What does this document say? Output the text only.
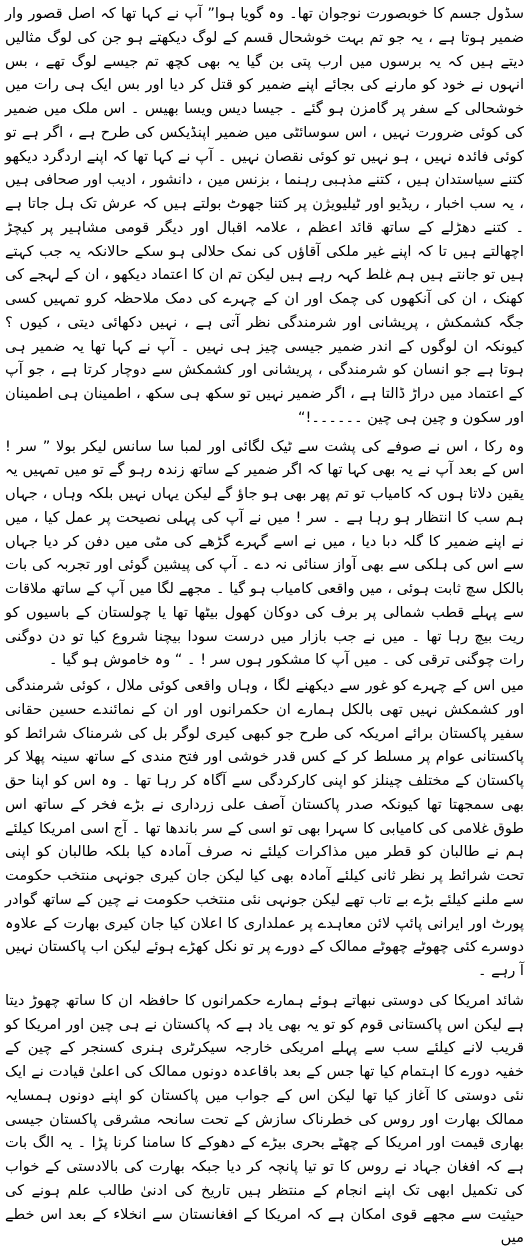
سڈول جسم کا خوبصورت نوجوان تھا۔ وہ گویا ہوا” آپ نے کہا تھا کہ اصل قصور وار ضمیر ہوتا ہے ، یہ جو تم بہت خوشحال قسم کے لوگ دیکھتے ہو جن کی لوگ مثالیں دیتے ہیں کہ یہ برسوں میں ارب پتی بن گیا یہ بھی کچھ تم جیسے لوگ تھے ، بس انہوں نے خود کو مارنے کی بجائے اپنے ضمیر کو قتل کر دیا اور بس ایک ہی رات میں خوشحالی کے سفر پر گامزن ہو گئے ۔ جیسا دیس ویسا بھیس ۔ اس ملک میں ضمیر کی کوئی ضرورت نہیں ، اس سوسائٹی میں ضمیر اپنڈیکس کی طرح ہے ، اگر ہے تو کوئی فائدہ نہیں ، ہو نہیں تو کوئی نقصان نہیں ۔ آپ نے کہا تھا کہ اپنے اردگرد دیکھو کتنے سیاستدان ہیں ، کتنے مذہبی رہنما ، بزنس مین ، دانشور ، ادیب اور صحافی ہیں ، یہ سب اخبار ، ریڈیو اور ٹیلیویژن پر کتنا جھوٹ بولتے ہیں کہ عرش تک ہل جاتا ہے ۔ کتنے دھڑلے کے ساتھ قائد اعظم ، علامہ اقبال اور دیگر قومی مشاہیر پر کیچڑ اچھالتے ہیں تا کہ اپنے غیر ملکی آقاؤں کی نمک حلالی ہو سکے حالانکہ یہ جب کہتے ہیں تو جانتے ہیں ہم غلط کہہ رہے ہیں لیکن تم ان کا اعتماد دیکھو ، ان کے لہجے کی کھنک ، ان کی آنکھوں کی چمک اور ان کے چہرے کی دمک ملاحظہ کرو تمہیں کسی جگہ کشمکش ، پریشانی اور شرمندگی نظر آتی ہے ، نہیں دکھائی دیتی ، کیوں ؟ کیونکہ ان لوگوں کے اندر ضمیر جیسی چیز ہی نہیں ۔ آپ نے کہا تھا یہ ضمیر ہی ہوتا ہے جو انسان کو شرمندگی ، پریشانی اور کشمکش سے دوچار کرتا ہے ، جو آپ کے اعتماد میں دراڑ ڈالتا ہے ، اگر ضمیر نہیں تو سکھ ہی سکھ ، اطمینان ہی اطمینان اور سکون و چین ہی چین ۔۔۔۔۔۔!“

وہ رکا ، اس نے صوفے کی پشت سے ٹیک لگائی اور لمبا سا سانس لیکر بولا ” سر ! اس کے بعد آپ نے یہ بھی کہا تھا کہ اگر ضمیر کے ساتھ زندہ رہو گے تو میں تمہیں یہ یقین دلاتا ہوں کہ کامیاب تو تم پھر بھی ہو جاؤ گے لیکن یہاں نہیں بلکہ وہاں ، جہاں ہم سب کا انتظار ہو رہا ہے ۔ سر ! میں نے آپ کی پہلی نصیحت پر عمل کیا ، میں نے اپنے ضمیر کا گلہ دبا دیا ، میں نے اسے گہرے گڑھے کی مٹی میں دفن کر دیا جہاں سے اس کی ہلکی سے بھی آواز سنائی نہ دے ۔ آپ کی پیشین گوئی اور تجربہ کی بات بالکل سچ ثابت ہوئی ، میں واقعی کامیاب ہو گیا ۔ مجھے لگا میں آپ کے ساتھ ملاقات سے پہلے قطب شمالی پر برف کی دوکان کھول بیٹھا تھا یا چولستان کے باسیوں کو ریت بیچ رہا تھا ۔ میں نے جب بازار میں درست سودا بیچنا شروع کیا تو دن دوگنی رات چوگنی ترقی کی ۔ میں آپ کا مشکور ہوں سر ! ۔ “ وہ خاموش ہو گیا ۔

میں اس کے چہرے کو غور سے دیکھنے لگا ، وہاں واقعی کوئی ملال ، کوئی شرمندگی اور کشمکش نہیں تھی بالکل ہمارے ان حکمرانوں اور ان کے نمائندے حسین حقانی سفیر پاکستان برائے امریکہ کی طرح جو کبھی کیری لوگر بل کی شرمناک شرائط کو پاکستانی عوام پر مسلط کر کے کس قدر خوشی اور فتح مندی کے ساتھ سینہ پھلا کر پاکستان کے مختلف چینلز کو اپنی کارکردگی سے آگاہ کر رہا تھا ۔ وہ اس کو اپنا حق بھی سمجھتا تھا کیونکہ صدر پاکستان آصف علی زرداری نے بڑے فخر کے ساتھ اس طوق غلامی کی کامیابی کا سہرا بھی تو اسی کے سر باندھا تھا ۔ آج اسی امریکا کیلئے ہم نے طالبان کو قطر میں مذاکرات کیلئے نہ صرف آمادہ کیا بلکہ طالبان کو اپنی تحت شرائط پر نظر ثانی کیلئے آمادہ بھی کیا لیکن جان کیری جونہی منتخب حکومت سے ملنے کیلئے بڑے بے تاب تھے لیکن جونہی نئی منتخب حکومت نے چین کے ساتھ گوادر پورٹ اور ایرانی پائپ لائن معاہدے پر عملداری کا اعلان کیا جان کیری بھارت کے علاوہ دوسرے کئی چھوٹے چھوٹے ممالک کے دورے پر تو نکل کھڑے ہوئے لیکن اب پاکستان نہیں آ رہے ۔

شائد امریکا کی دوستی نبھاتے ہوئے ہمارے حکمرانوں کا حافظہ ان کا ساتھ چھوڑ دیتا ہے لیکن اس پاکستانی قوم کو تو یہ بھی یاد ہے کہ پاکستان نے ہی چین اور امریکا کو قریب لانے کیلئے سب سے پہلے امریکی خارجہ سیکرٹری ہنری کسنجر کے چین کے خفیہ دورے کا اہتمام کیا تھا جس کے بعد باقاعدہ دونوں ممالک کی اعلیٰ قیادت نے ایک نئی دوستی کا آغاز کیا تھا لیکن اس کے جواب میں پاکستان کو اپنے دونوں ہمسایہ ممالک بھارت اور روس کی خطرناک سازش کے تحت سانحہ مشرقی پاکستان جیسی بھاری قیمت اور امریکا کے چھٹے بحری بیڑے کے دھوکے کا سامنا کرنا پڑا ۔ یہ الگ بات ہے کہ افغان جہاد نے روس کا تو تیا پانچہ کر دیا جبکہ بھارت کی بالادستی کے خواب کی تکمیل ابھی تک اپنے انجام کے منتظر ہیں تاریخ کی ادنیٰ طالب علم ہونے کی حیثیت سے مجھے قوی امکان ہے کہ امریکا کے افغانستان سے انخلاء کے بعد اس خطے میں
